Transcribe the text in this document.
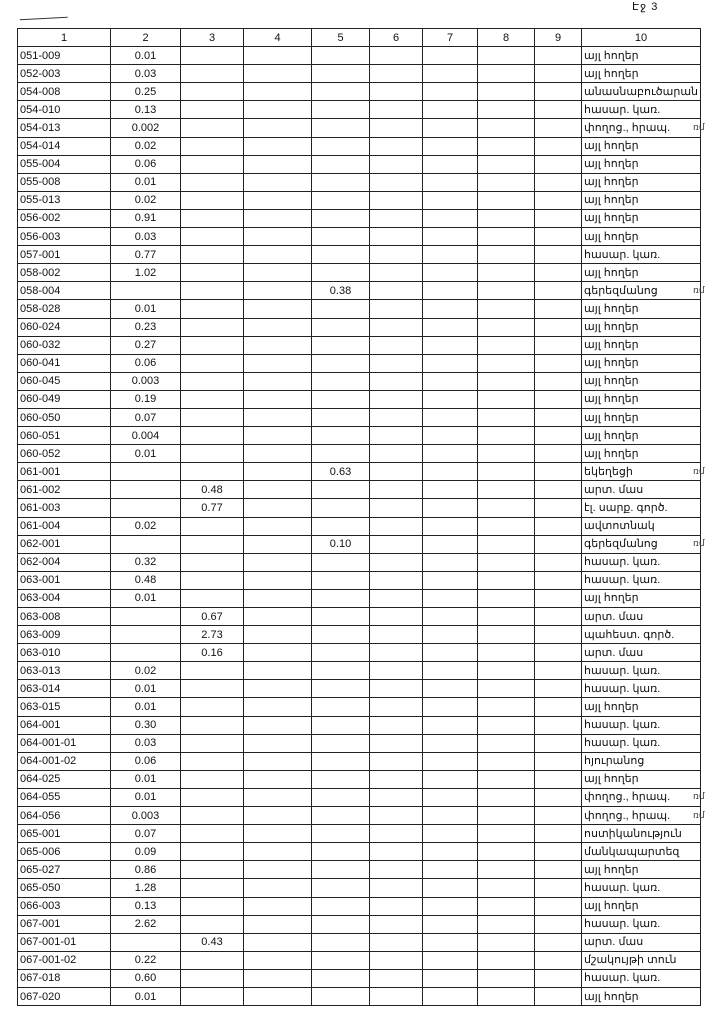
Էջ 3
1	2	3	4	5	6	7	8	9	10
051-009	0.01								այլ հողեր
052-003	0.03								այլ հողեր
054-008	0.25								անասնաբուծարան
054-010	0.13								հասար. կառ.
054-013	0.002								փողոց., հրապ.
054-014	0.02								այլ հողեր
055-004	0.06								այլ հողեր
055-008	0.01								այլ հողեր
055-013	0.02								այլ հողեր
056-002	0.91								այլ հողեր
056-003	0.03								այլ հողեր
057-001	0.77								հասար. կառ.
058-002	1.02								այլ հողեր
058-004				0.38					գերեզմանոց
058-028	0.01								այլ հողեր
060-024	0.23								այլ հողեր
060-032	0.27								այլ հողեր
060-041	0.06								այլ հողեր
060-045	0.003								այլ հողեր
060-049	0.19								այլ հողեր
060-050	0.07								այլ հողեր
060-051	0.004								այլ հողեր
060-052	0.01								այլ հողեր
061-001				0.63					եկեղեցի
061-002		0.48							արտ. մաս
061-003		0.77							էլ. սարք. գործ.
061-004	0.02								ավտոտնակ
062-001				0.10					գերեզմանոց
062-004	0.32								հասար. կառ.
063-001	0.48								հասար. կառ.
063-004	0.01								այլ հողեր
063-008		0.67							արտ. մաս
063-009		2.73							պահեստ. գործ.
063-010		0.16							արտ. մաս
063-013	0.02								հասար. կառ.
063-014	0.01								հասար. կառ.
063-015	0.01								այլ հողեր
064-001	0.30								հասար. կառ.
064-001-01	0.03								հասար. կառ.
064-001-02	0.06								հյուրանոց
064-025	0.01								այլ հողեր
064-055	0.01								փողոց., հրապ.
064-056	0.003								փողոց., հրապ.
065-001	0.07								ոստիկանություն
065-006	0.09								մանկապարտեզ
065-027	0.86								այլ հողեր
065-050	1.28								հասար. կառ.
066-003	0.13								այլ հողեր
067-001	2.62								հասար. կառ.
067-001-01		0.43							արտ. մաս
067-001-02	0.22								մշակույթի տուն
067-018	0.60								հասար. կառ.
067-020	0.01								այլ հողեր
ռմ
ռմ
ռմ
ռմ
ռմ
ռմ
